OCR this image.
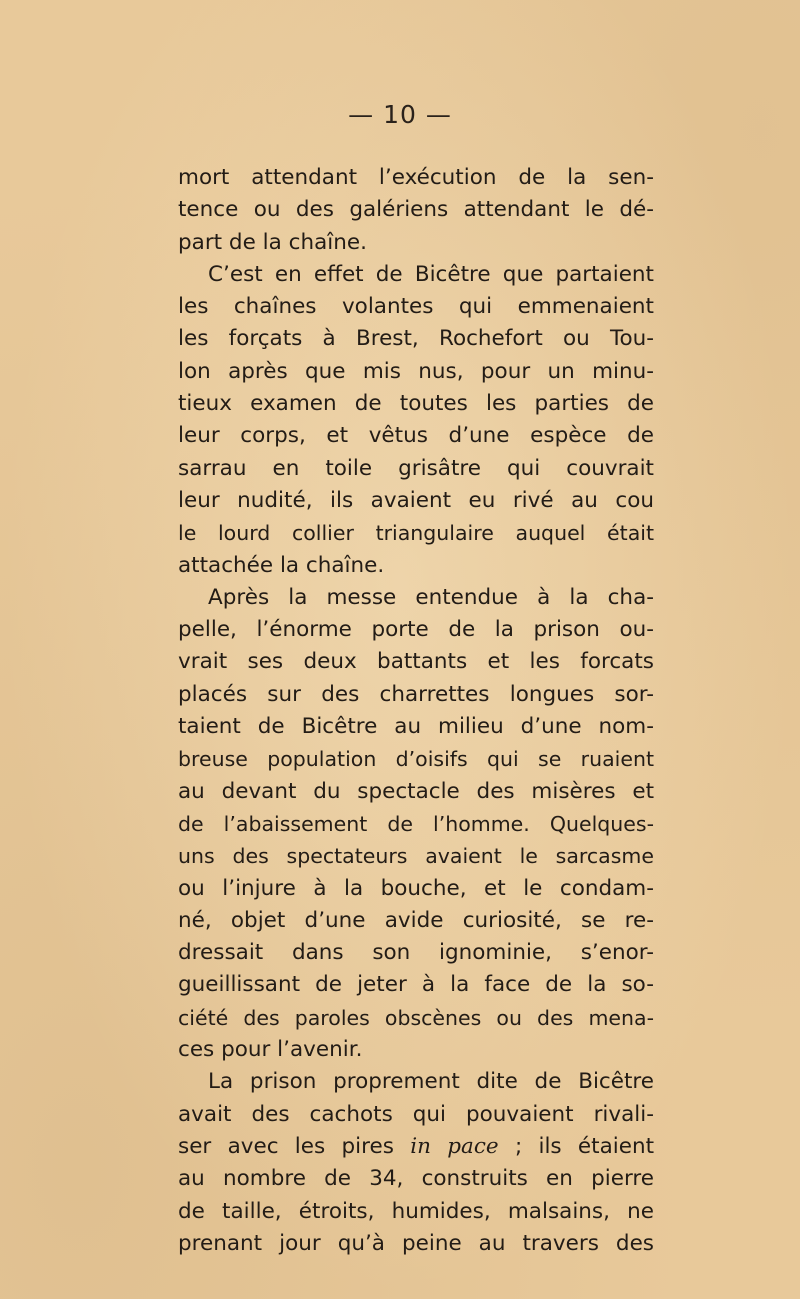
— 10 —
mort attendant l’exécution de la sen-
tence ou des galériens attendant le dé-
part de la chaîne.
C’est en effet de Bicêtre que partaient
les chaînes volantes qui emmenaient
les forçats à Brest, Rochefort ou Tou-
lon après que mis nus, pour un minu-
tieux examen de toutes les parties de
leur corps, et vêtus d’une espèce de
sarrau en toile grisâtre qui couvrait
leur nudité, ils avaient eu rivé au cou
le lourd collier triangulaire auquel était
attachée la chaîne.
Après la messe entendue à la cha-
pelle, l’énorme porte de la prison ou-
vrait ses deux battants et les forcats
placés sur des charrettes longues sor-
taient de Bicêtre au milieu d’une nom-
breuse population d’oisifs qui se ruaient
au devant du spectacle des misères et
de l’abaissement de l’homme. Quelques-
uns des spectateurs avaient le sarcasme
ou l’injure à la bouche, et le condam-
né, objet d’une avide curiosité, se re-
dressait dans son ignominie, s’enor-
gueillissant de jeter à la face de la so-
ciété des paroles obscènes ou des mena-
ces pour l’avenir.
La prison proprement dite de Bicêtre
avait des cachots qui pouvaient rivali-
ser avec les pires in pace ; ils étaient
au nombre de 34, construits en pierre
de taille, étroits, humides, malsains, ne
prenant jour qu’à peine au travers des
